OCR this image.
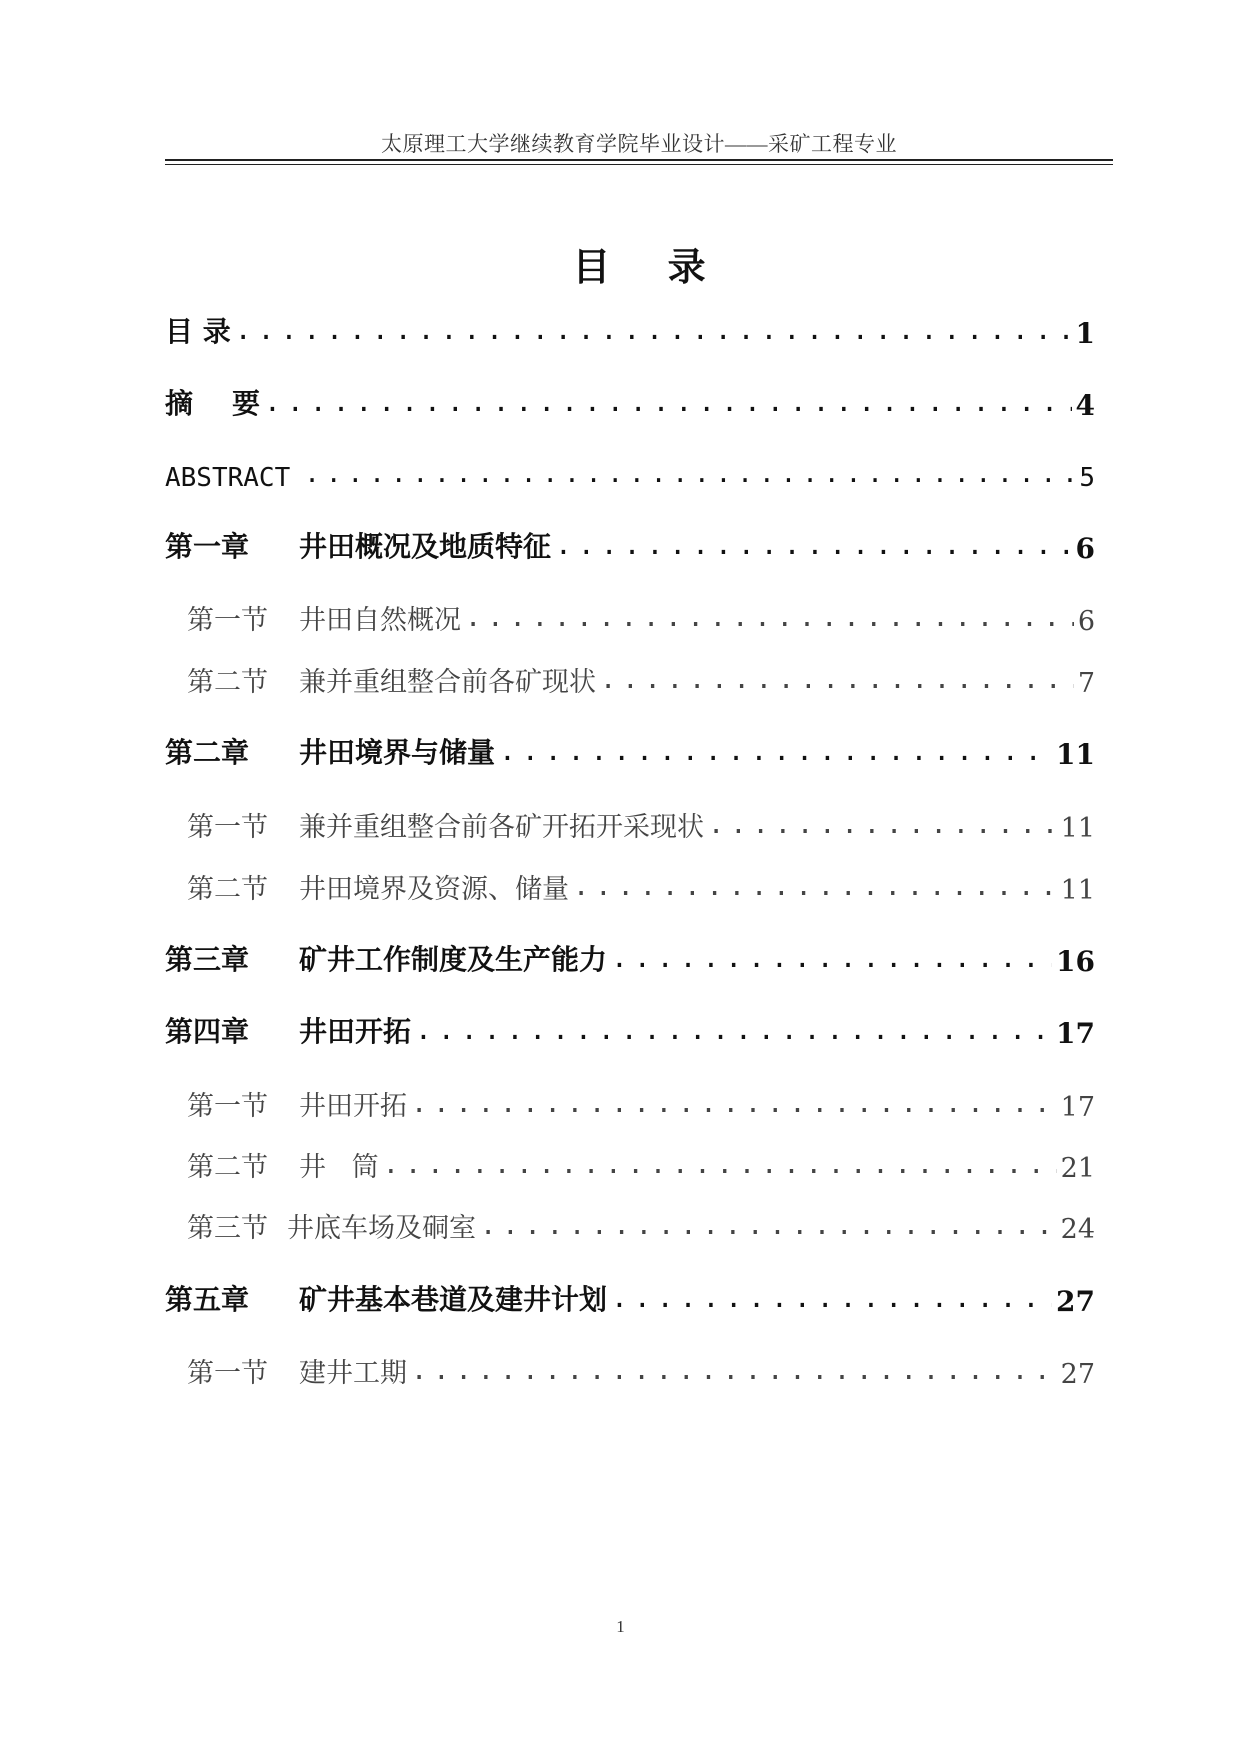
太原理工大学继续教育学院毕业设计——采矿工程专业
目 录
目 录 .....	1
摘    要 .....	4
ABSTRACT .....	5
第一章	井田概况及地质特征 .....	6
第一节	井田自然概况 .....	6
第二节	兼并重组整合前各矿现状 .....	7
第二章	井田境界与储量 .....	11
第一节	兼并重组整合前各矿开拓开采现状 .....	11
第二节	井田境界及资源、储量 .....	11
第三章	矿井工作制度及生产能力 .....	16
第四章	井田开拓 .....	17
第一节	井田开拓 .....	17
第二节	井   筒 .....	21
第三节 井底车场及硐室 .....	24
第五章	矿井基本巷道及建井计划 .....	27
第一节	建井工期 .....	27
1
